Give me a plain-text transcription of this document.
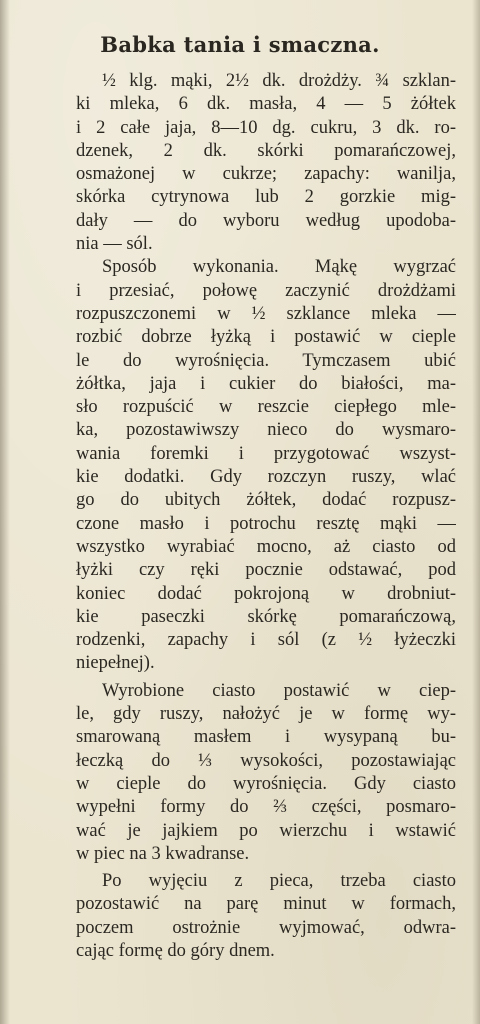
Babka tania i smaczna.
½ klg. mąki, 2½ dk. drożdży. ¾ szklan-
ki mleka, 6 dk. masła, 4 — 5 żółtek
i 2 całe jaja, 8—10 dg. cukru, 3 dk. ro-
dzenek, 2 dk. skórki pomarańczowej,
osmażonej w cukrze; zapachy: wanilja,
skórka cytrynowa lub 2 gorzkie mig-
dały — do wyboru według upodoba-
nia — sól.
Sposób wykonania. Mąkę wygrzać
i przesiać, połowę zaczynić drożdżami
rozpuszczonemi w ½ szklance mleka —
rozbić dobrze łyżką i postawić w cieple
le do wyrośnięcia. Tymczasem ubić
żółtka, jaja i cukier do białości, ma-
sło rozpuścić w reszcie ciepłego mle-
ka, pozostawiwszy nieco do wysmaro-
wania foremki i przygotować wszyst-
kie dodatki. Gdy rozczyn ruszy, wlać
go do ubitych żółtek, dodać rozpusz-
czone masło i potrochu resztę mąki —
wszystko wyrabiać mocno, aż ciasto od
łyżki czy ręki pocznie odstawać, pod
koniec dodać pokrojoną w drobniut-
kie paseczki skórkę pomarańczową,
rodzenki, zapachy i sól (z ½ łyżeczki
niepełnej).
Wyrobione ciasto postawić w ciep-
le, gdy ruszy, nałożyć je w formę wy-
smarowaną masłem i wysypaną bu-
łeczką do ⅓ wysokości, pozostawiając
w cieple do wyrośnięcia. Gdy ciasto
wypełni formy do ⅔ części, posmaro-
wać je jajkiem po wierzchu i wstawić
w piec na 3 kwadranse.
Po wyjęciu z pieca, trzeba ciasto
pozostawić na parę minut w formach,
poczem ostrożnie wyjmować, odwra-
cając formę do góry dnem.
